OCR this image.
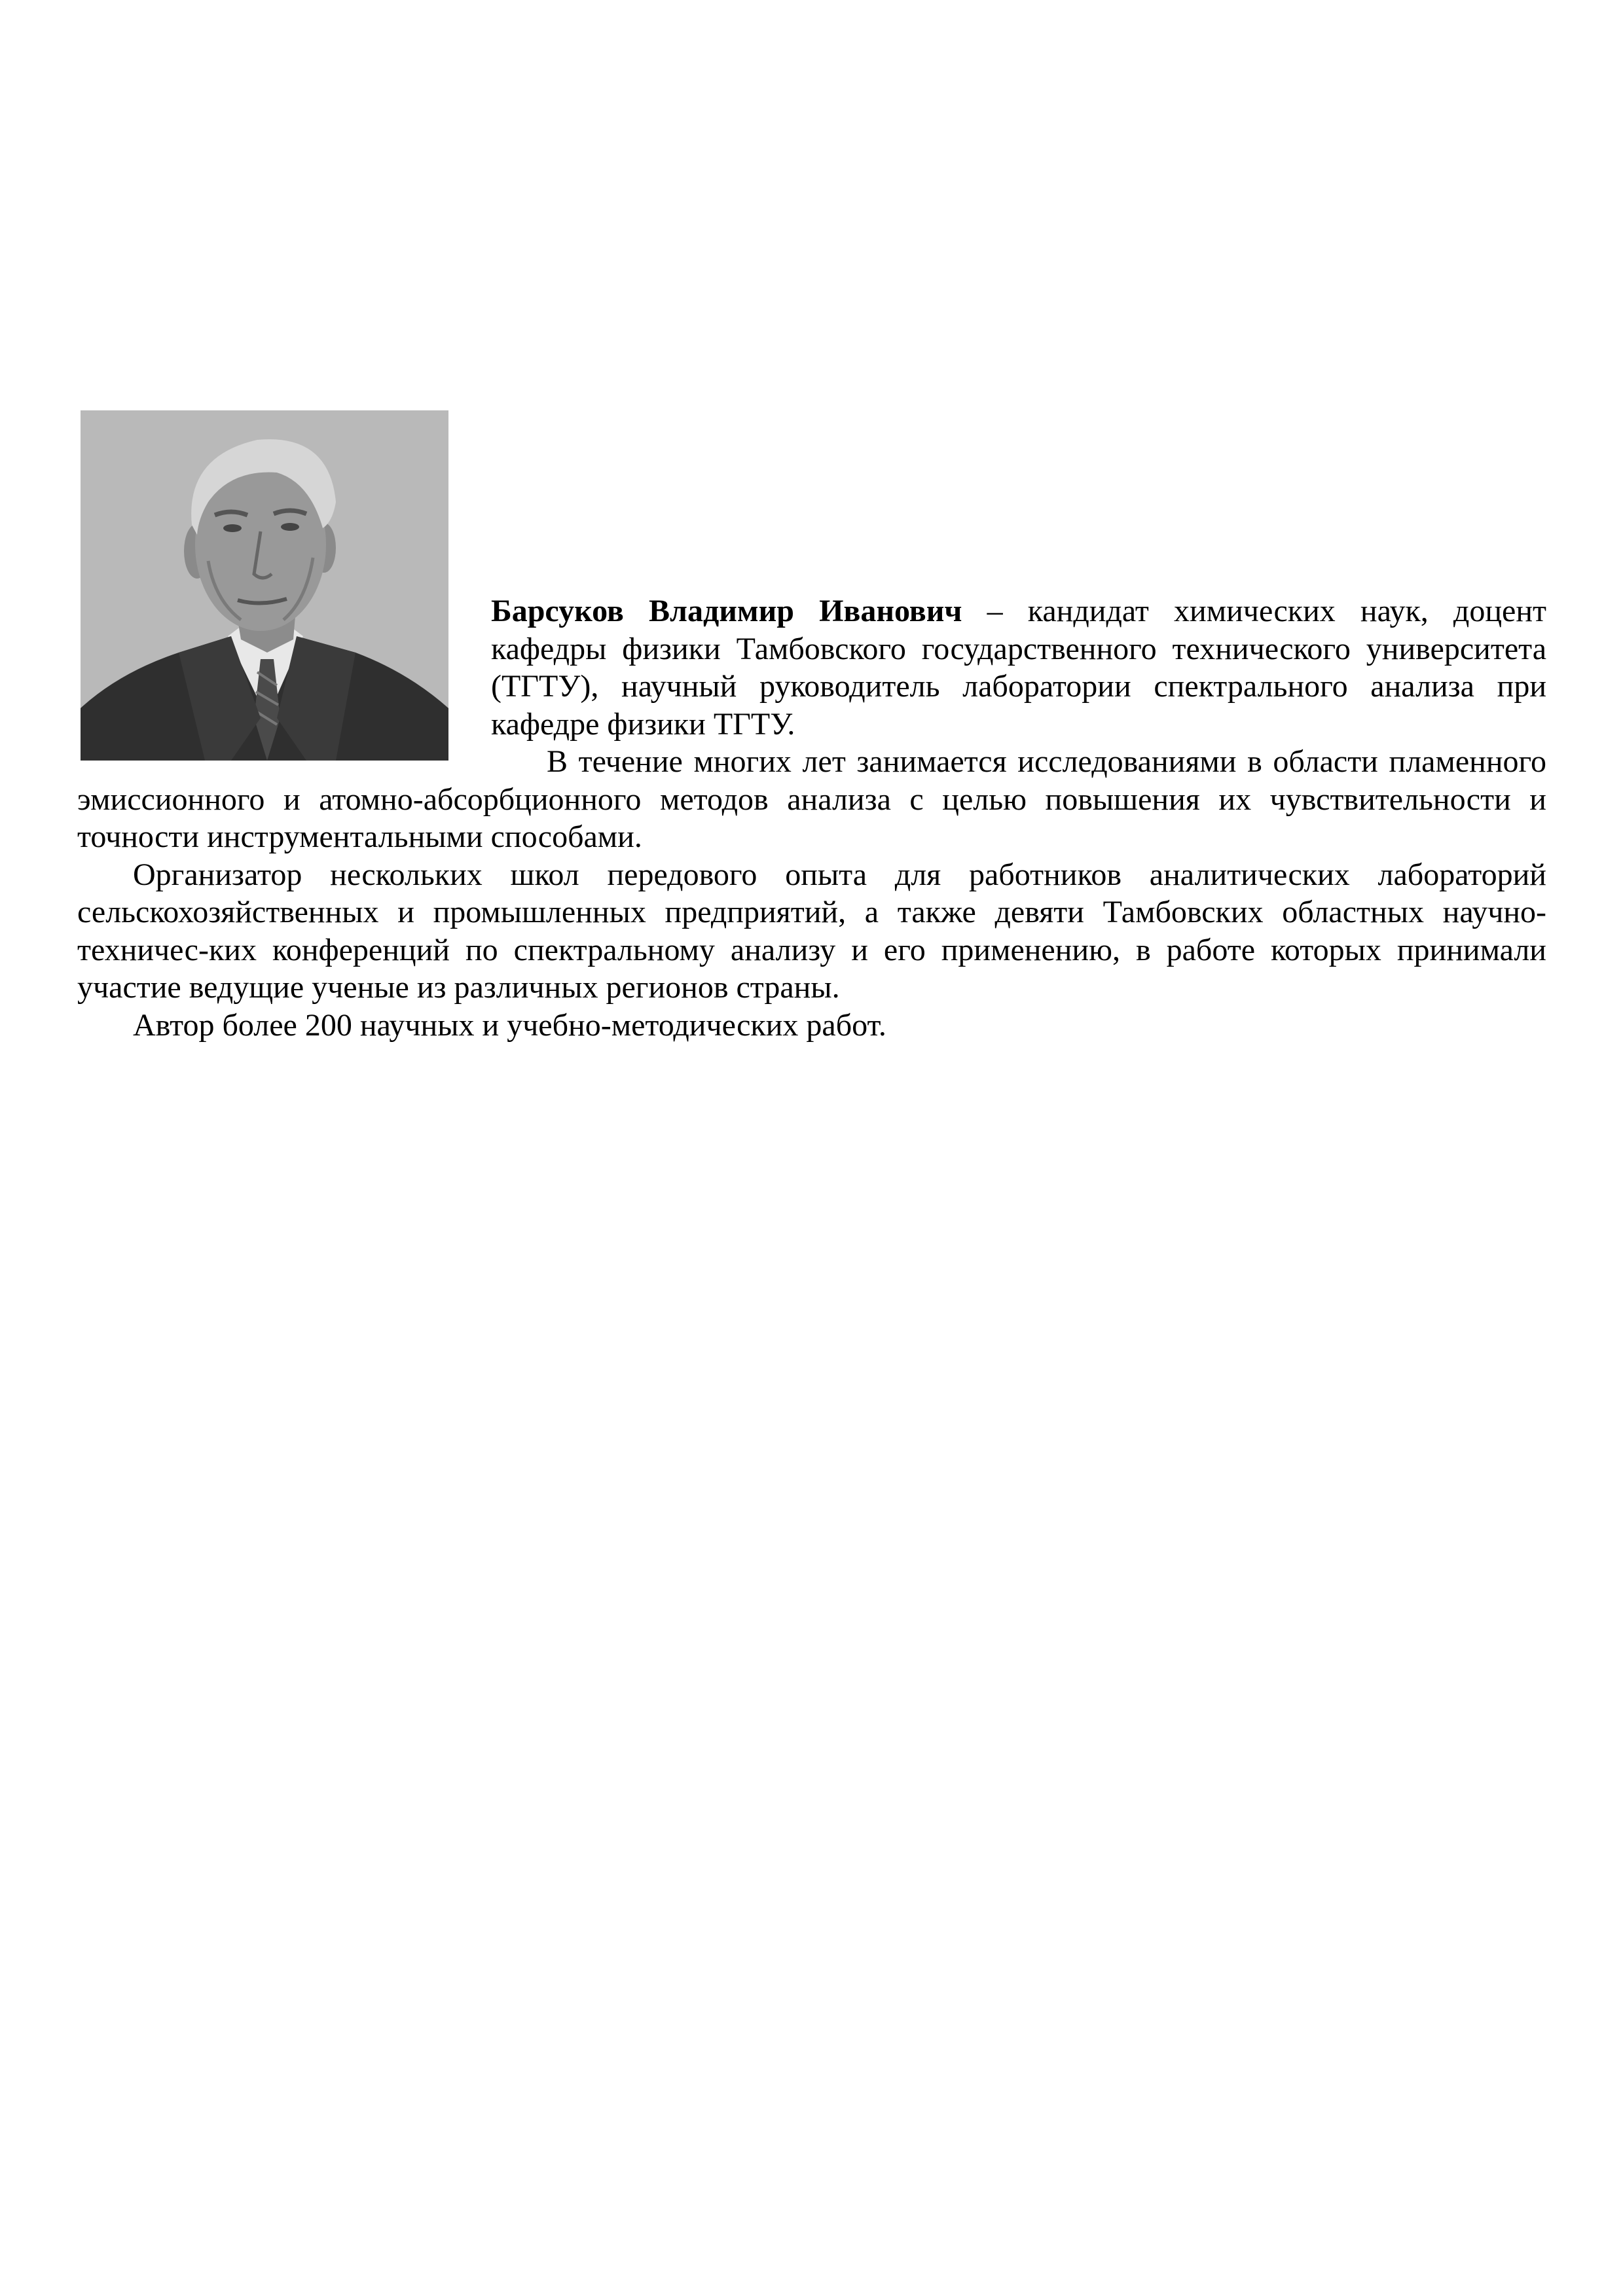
Барсуков Владимир Иванович – кандидат химических наук, доцент кафедры физики Тамбовского государственного технического университета (ТГТУ), научный руководитель лаборатории спектрального анализа при кафедре физики ТГТУ.

В течение многих лет занимается исследованиями в области пламенного эмиссионного и атомно-абсорбционного методов анализа с целью повышения их чувствительности и точности инструментальными способами.

Организатор нескольких школ передового опыта для работников аналитических лабораторий сельскохозяйственных и промышленных предприятий, а также девяти Тамбовских областных научно-техничес-ких конференций по спектральному анализу и его применению, в работе которых принимали участие ведущие ученые из различных регионов страны.

Автор более 200 научных и учебно-методических работ.
